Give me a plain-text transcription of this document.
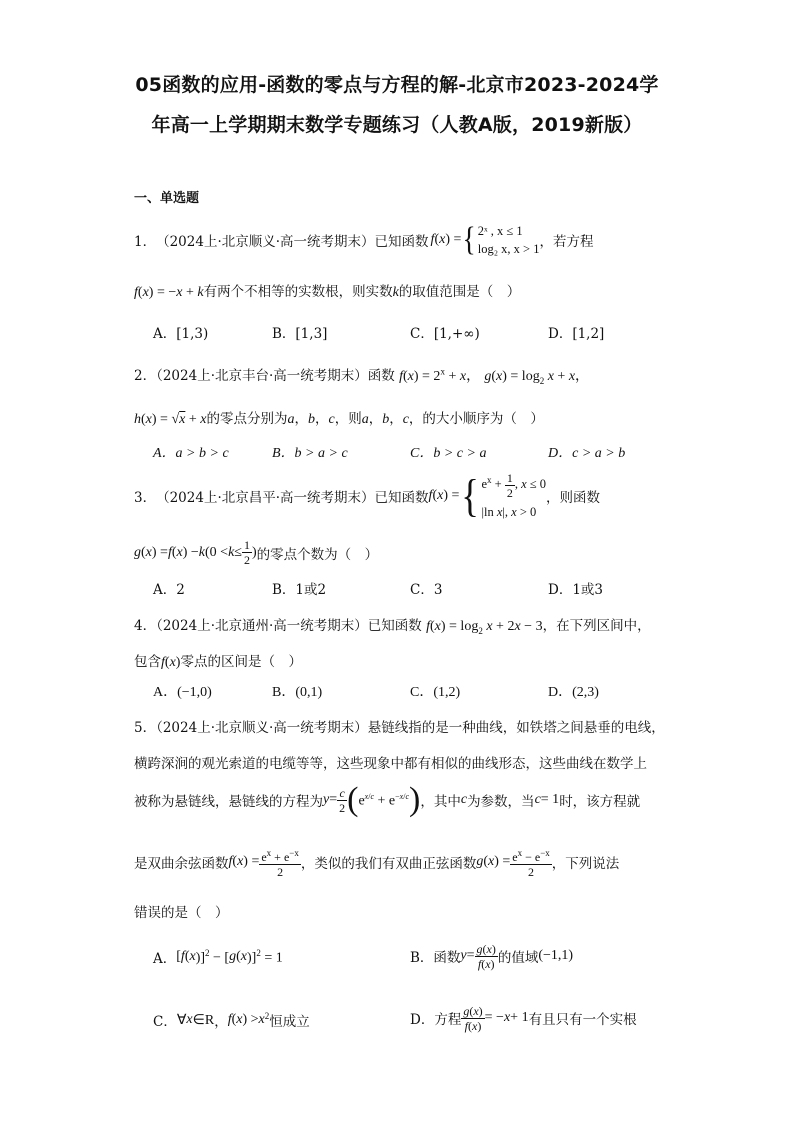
05函数的应用-函数的零点与方程的解-北京市2023-2024学
年高一上学期期末数学专题练习（人教A版，2019新版）
一、单选题
1． （2024上·北京顺义·高一统考期末） 已知函数 f ( x ) = { 2ˣ , x ≤ 1
log₂ x, x > 1 ，若方程
f(x) = −x + k有两个不相等的实数根，则实数k的取值范围是（　）
A．[1,3)	B．[1,3]	C．[1,+∞)	D．[1,2]
2．（2024上·北京丰台·高一统考期末）函数 $f(x) = 2^x + x$， $g(x) = \log_2 x + x$，
h(x) = √x + x的零点分别为a，b，c，则a，b，c，的大小顺序为（　）
A．a > b > c	B．b > a > c	C．b > c > a	D．c > a > b
3． （2024上·北京昌平·高一统考期末） 已知函数 f ( x ) = { $e^x + \frac{1}{2}$ , x ≤ 0
|ln x|, x > 0
，则函数
g ( x ) = f ( x ) − k ($0 < k \le \frac{1}{2}$ ) 的零点个数为（　）
A．2	B．1或2	C．3	D．1或3
4．（2024上·北京通州·高一统考期末）已知函数 $f(x) = \log_2 x + 2x - 3$，在下列区间中，
包含f(x)零点的区间是（　）
A．(−1,0)	B．(0,1)	C．(1,2)	D．(2,3)
5．（2024上·北京顺义·高一统考期末）悬链线指的是一种曲线，如铁塔之间悬垂的电线，
横跨深涧的观光索道的电缆等等，这些现象中都有相似的曲线形态，这些曲线在数学上
被称为悬链线，悬链线的方程为 $y = \frac{c}{2}$ ( $e^{x/c} + e^{-x/c}$ ) ，其中 c 为参数，当 c = 1 时，该方程就
是双曲余弦函数 f ( x ) = $\frac{e^x + e^{-x}}{2}$ ，类似的我们有双曲正弦函数 g ( x ) = $\frac{e^x - e^{-x}}{2}$ ，下列说法
错误的是（　）
A． [ f ( x )]$^2$ − [ g ( x )]$^2$ = 1	B．函数 $y = \frac{g(x)}{f(x)}$ 的值域 (−1,1)
C． ∀ x ∈R ， f ( x ) > x $^2$ 恒成立	D．方程 $\frac{g(x)}{f(x)}$ = − x + 1 有且只有一个实根
